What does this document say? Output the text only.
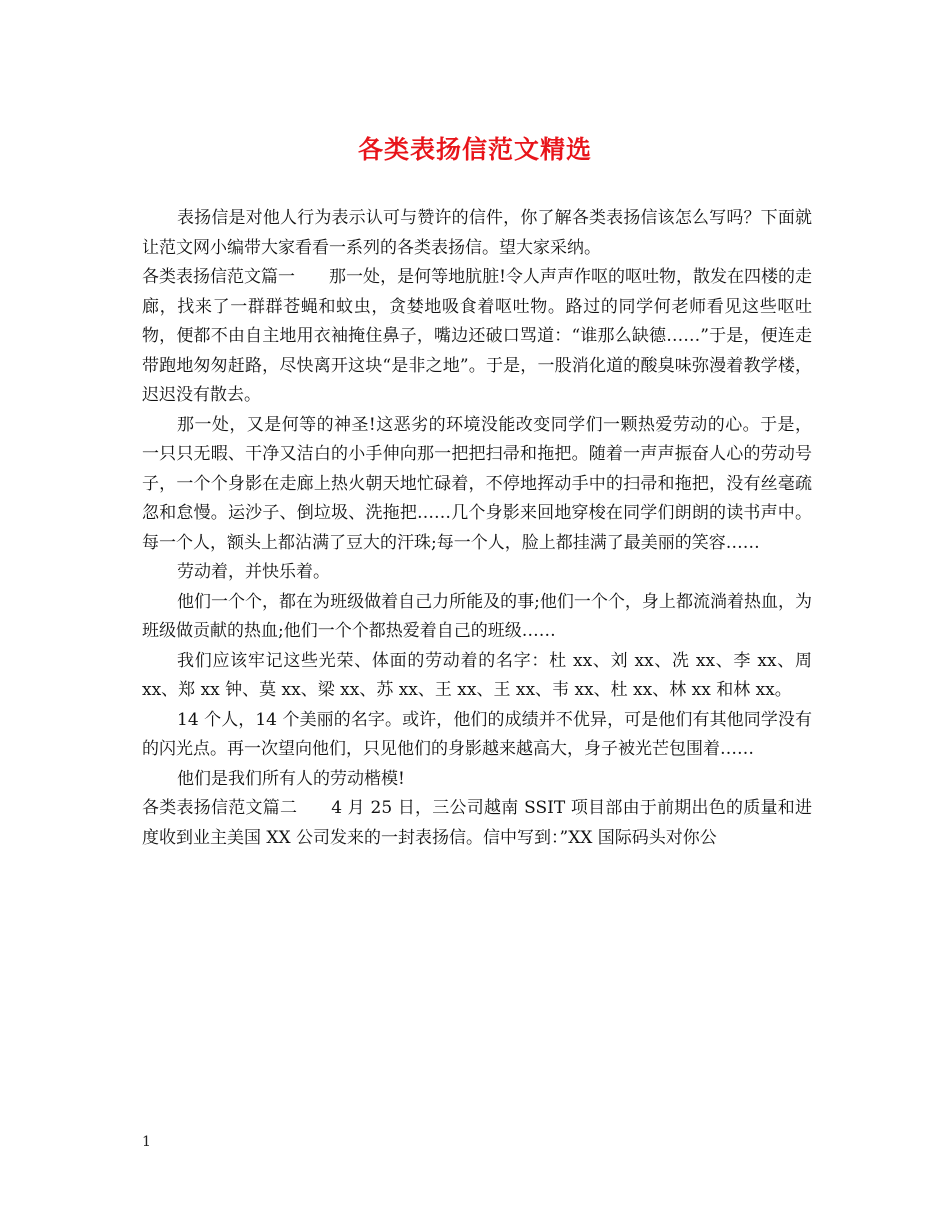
各类表扬信范文精选

表扬信是对他人行为表示认可与赞许的信件，你了解各类表扬信该怎么写吗？下面就让范文网小编带大家看看一系列的各类表扬信。望大家采纳。

各类表扬信范文篇一 那一处，是何等地肮脏!令人声声作呕的呕吐物，散发在四楼的走廊，找来了一群群苍蝇和蚊虫，贪婪地吸食着呕吐物。路过的同学何老师看见这些呕吐物，便都不由自主地用衣袖掩住鼻子，嘴边还破口骂道：“谁那么缺德……”于是，便连走带跑地匆匆赶路，尽快离开这块“是非之地”。于是，一股消化道的酸臭味弥漫着教学楼，迟迟没有散去。

那一处，又是何等的神圣!这恶劣的环境没能改变同学们一颗热爱劳动的心。于是，一只只无暇、干净又洁白的小手伸向那一把把扫帚和拖把。随着一声声振奋人心的劳动号子，一个个身影在走廊上热火朝天地忙碌着，不停地挥动手中的扫帚和拖把，没有丝毫疏忽和怠慢。运沙子、倒垃圾、洗拖把……几个身影来回地穿梭在同学们朗朗的读书声中。每一个人，额头上都沾满了豆大的汗珠;每一个人，脸上都挂满了最美丽的笑容……

劳动着，并快乐着。

他们一个个，都在为班级做着自己力所能及的事;他们一个个，身上都流淌着热血，为班级做贡献的热血;他们一个个都热爱着自己的班级……

我们应该牢记这些光荣、体面的劳动着的名字：杜 xx、刘 xx、冼 xx、李 xx、周 xx、郑 xx 钟、莫 xx、梁 xx、苏 xx、王 xx、王 xx、韦 xx、杜 xx、林 xx 和林 xx。

14 个人，14 个美丽的名字。或许，他们的成绩并不优异，可是他们有其他同学没有的闪光点。再一次望向他们，只见他们的身影越来越高大，身子被光芒包围着……

他们是我们所有人的劳动楷模!

各类表扬信范文篇二 4 月 25 日，三公司越南 SSIT 项目部由于前期出色的质量和进度收到业主美国 XX 公司发来的一封表扬信。信中写到：”XX 国际码头对你公

1
